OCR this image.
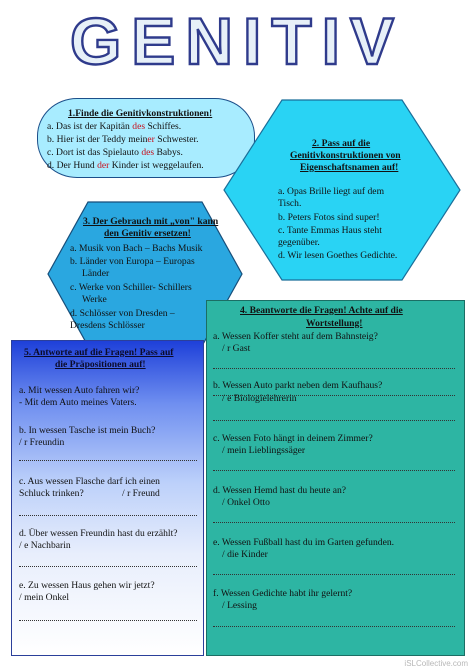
GENITIV
1.Finde die Genitivkonstruktionen!
a. Das ist der Kapitän des Schiffes.
b. Hier ist der Teddy meiner Schwester.
c. Dort ist das Spielauto des Babys.
d. Der Hund der Kinder ist weggelaufen.
2. Pass auf die
Genitivkonstruktionen von
Eigenschaftsnamen auf!
a. Opas Brille liegt auf dem
Tisch.
b. Peters Fotos sind super!
c. Tante Emmas Haus steht
gegenüber.
d. Wir lesen Goethes Gedichte.
3. Der Gebrauch mit „von" kann
den Genitiv ersetzen!
a. Musik von Bach – Bachs Musik
b. Länder von Europa – Europas
Länder
c. Werke von Schiller- Schillers
Werke
d. Schlösser von Dresden –
Dresdens Schlösser
4. Beantworte die Fragen! Achte auf die
Wortstellung!
a. Wessen Koffer steht auf dem Bahnsteig?
/ r Gast
b. Wessen Auto parkt neben dem Kaufhaus?
/ e Biologielehrerin
c. Wessen Foto hängt in deinem Zimmer?
/ mein Lieblingssäger
d. Wessen Hemd hast du heute an?
/ Onkel Otto
e. Wessen Fußball hast du im Garten gefunden.
/ die Kinder
f. Wessen Gedichte habt ihr gelernt?
/ Lessing
5. Antworte auf die Fragen! Pass auf
die Präpositionen auf!
a. Mit wessen Auto fahren wir?
- Mit dem Auto meines Vaters.
b. In wessen Tasche ist mein Buch?
/ r Freundin
c. Aus wessen Flasche darf ich einen
Schluck trinken?	/ r Freund
d. Über wessen Freundin hast du erzählt?
/ e Nachbarin
e. Zu wessen Haus gehen wir jetzt?
/ mein Onkel
iSLCollective.com
